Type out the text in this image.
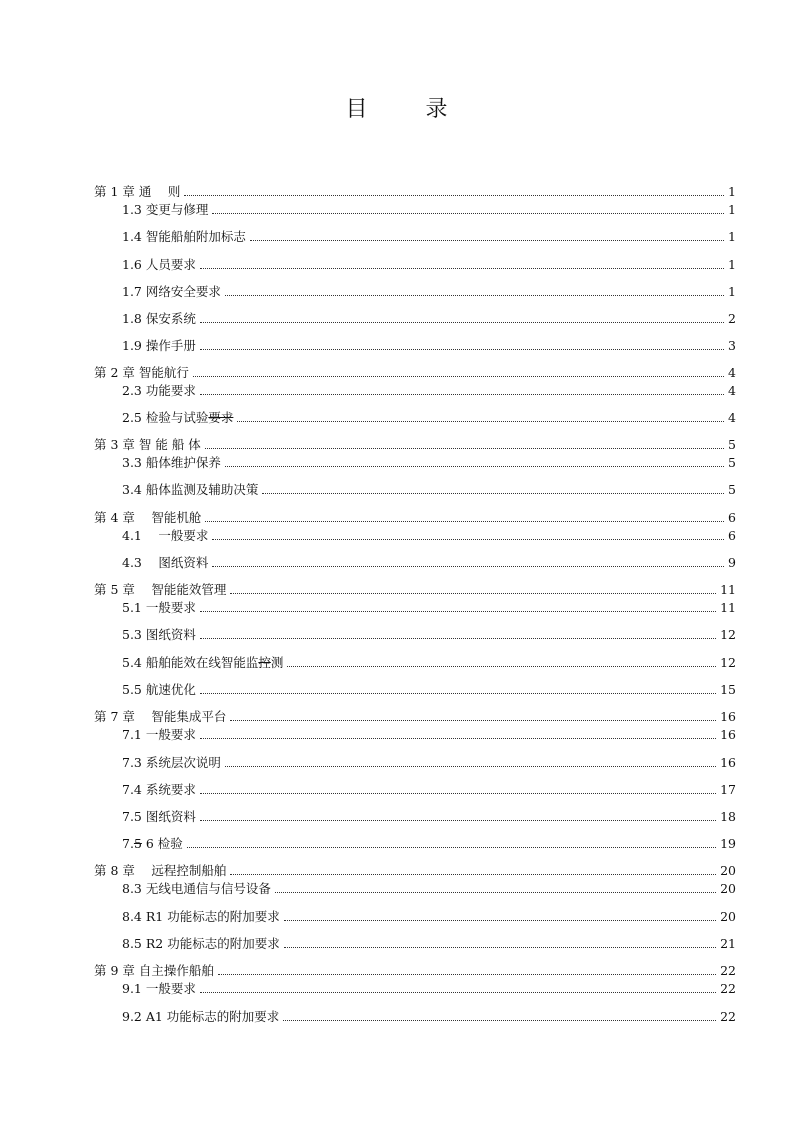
目　录
第 1 章 通　 则	1
1.3 变更与修理	1
1.4 智能船舶附加标志	1
1.6 人员要求	1
1.7 网络安全要求	1
1.8 保安系统	2
1.9 操作手册	3
第 2 章 智能航行	4
2.3 功能要求	4
2.5 检验与试验要求	4
第 3 章 智 能 船 体	5
3.3 船体维护保养	5
3.4 船体监测及辅助决策	5
第 4 章　 智能机舱	6
4.1　 一般要求	6
4.3　 图纸资料	9
第 5 章　 智能能效管理	11
5.1 一般要求	11
5.3 图纸资料	12
5.4 船舶能效在线智能监控测	12
5.5 航速优化	15
第 7 章　 智能集成平台	16
7.1 一般要求	16
7.3 系统层次说明	16
7.4 系统要求	17
7.5 图纸资料	18
7.5 6 检验	19
第 8 章　 远程控制船舶	20
8.3 无线电通信与信号设备	20
8.4 R1 功能标志的附加要求	20
8.5 R2 功能标志的附加要求	21
第 9 章 自主操作船舶	22
9.1 一般要求	22
9.2 A1 功能标志的附加要求	22
